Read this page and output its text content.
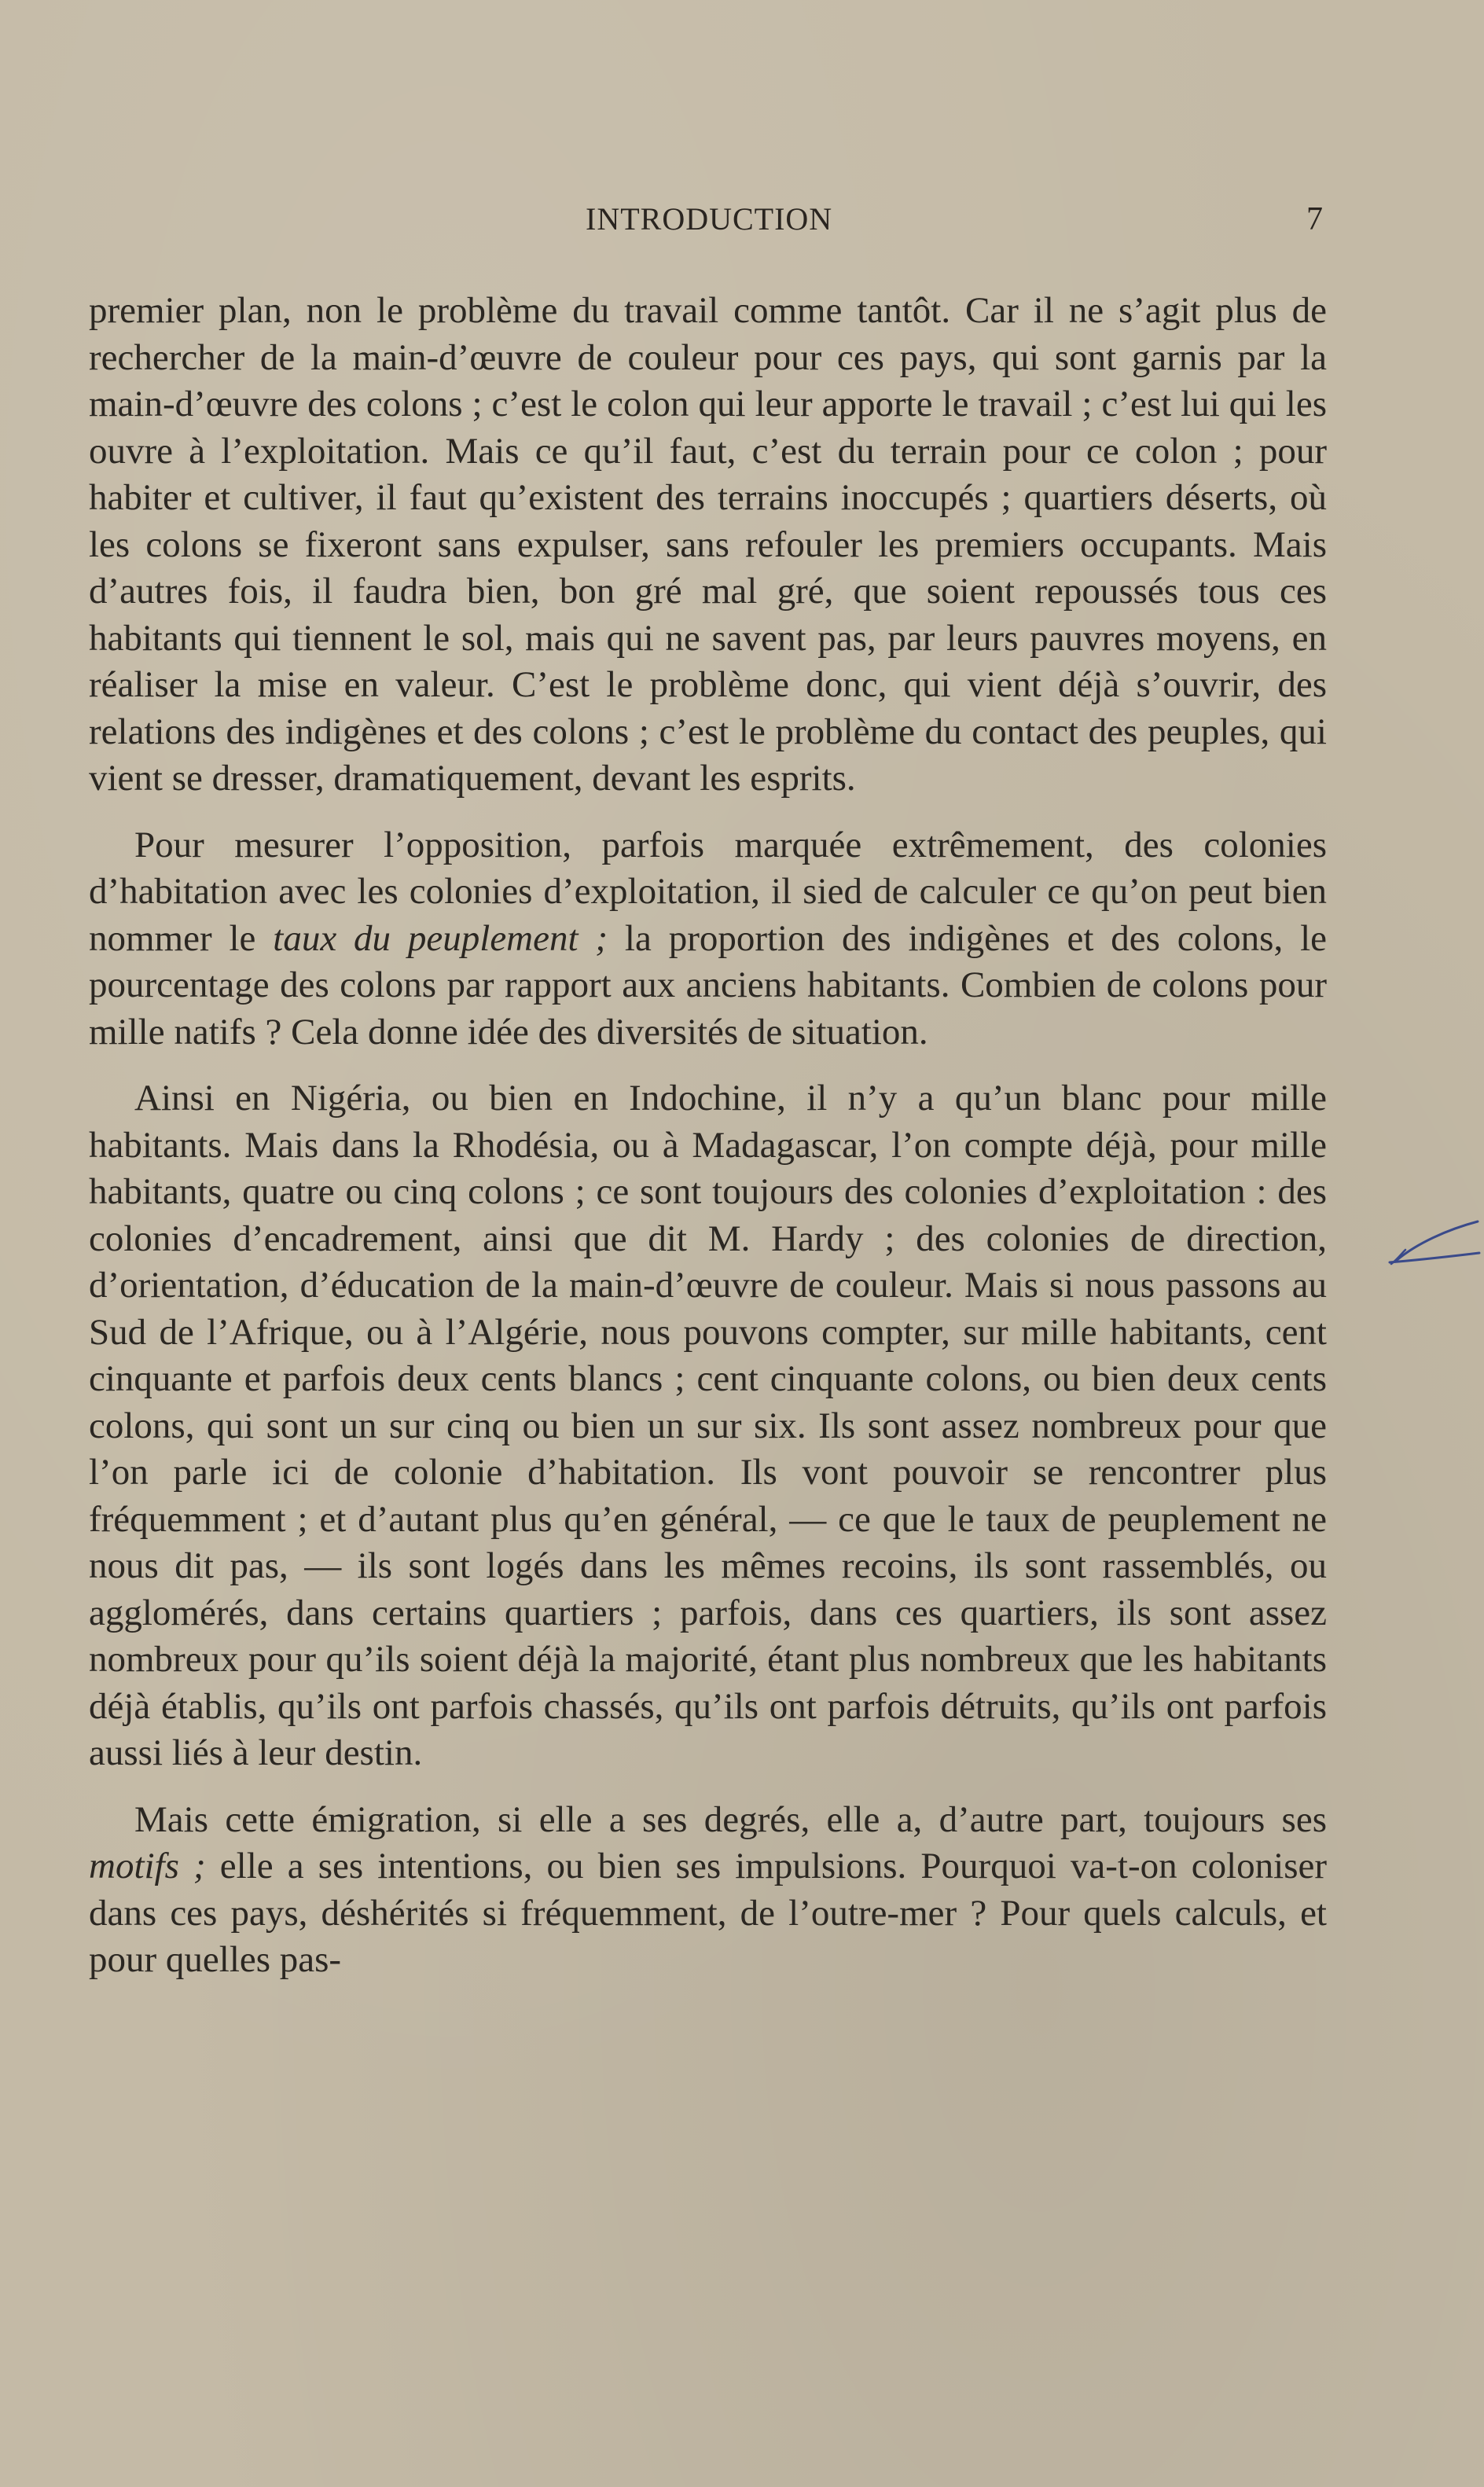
INTRODUCTION	7

premier plan, non le problème du travail comme tantôt. Car il ne s’agit plus de rechercher de la main-d’œuvre de couleur pour ces pays, qui sont garnis par la main-d’œuvre des colons ; c’est le colon qui leur apporte le travail ; c’est lui qui les ouvre à l’exploitation. Mais ce qu’il faut, c’est du terrain pour ce colon ; pour habiter et cultiver, il faut qu’existent des terrains inoccupés ; quartiers déserts, où les colons se fixeront sans expulser, sans refouler les premiers occupants. Mais d’autres fois, il faudra bien, bon gré mal gré, que soient repoussés tous ces habitants qui tiennent le sol, mais qui ne savent pas, par leurs pauvres moyens, en réaliser la mise en valeur. C’est le problème donc, qui vient déjà s’ouvrir, des relations des indigènes et des colons ; c’est le problème du contact des peuples, qui vient se dresser, dramatiquement, devant les esprits.

Pour mesurer l’opposition, parfois marquée extrêmement, des colonies d’habitation avec les colonies d’exploitation, il sied de calculer ce qu’on peut bien nommer le taux du peuplement ; la proportion des indigènes et des colons, le pourcentage des colons par rapport aux anciens habitants. Combien de colons pour mille natifs ? Cela donne idée des diversités de situation.

Ainsi en Nigéria, ou bien en Indochine, il n’y a qu’un blanc pour mille habitants. Mais dans la Rhodésia, ou à Madagascar, l’on compte déjà, pour mille habitants, quatre ou cinq colons ; ce sont toujours des colonies d’exploitation : des colonies d’encadrement, ainsi que dit M. Hardy ; des colonies de direction, d’orientation, d’éducation de la main-d’œuvre de couleur. Mais si nous passons au Sud de l’Afrique, ou à l’Algérie, nous pouvons compter, sur mille habitants, cent cinquante et parfois deux cents blancs ; cent cinquante colons, ou bien deux cents colons, qui sont un sur cinq ou bien un sur six. Ils sont assez nombreux pour que l’on parle ici de colonie d’habitation. Ils vont pouvoir se rencontrer plus fréquemment ; et d’autant plus qu’en général, — ce que le taux de peuplement ne nous dit pas, — ils sont logés dans les mêmes recoins, ils sont rassemblés, ou agglomérés, dans certains quartiers ; parfois, dans ces quartiers, ils sont assez nombreux pour qu’ils soient déjà la majorité, étant plus nombreux que les habitants déjà établis, qu’ils ont parfois chassés, qu’ils ont parfois détruits, qu’ils ont parfois aussi liés à leur destin.

Mais cette émigration, si elle a ses degrés, elle a, d’autre part, toujours ses motifs ; elle a ses intentions, ou bien ses impulsions. Pourquoi va-t-on coloniser dans ces pays, déshérités si fréquemment, de l’outre-mer ? Pour quels calculs, et pour quelles pas-
